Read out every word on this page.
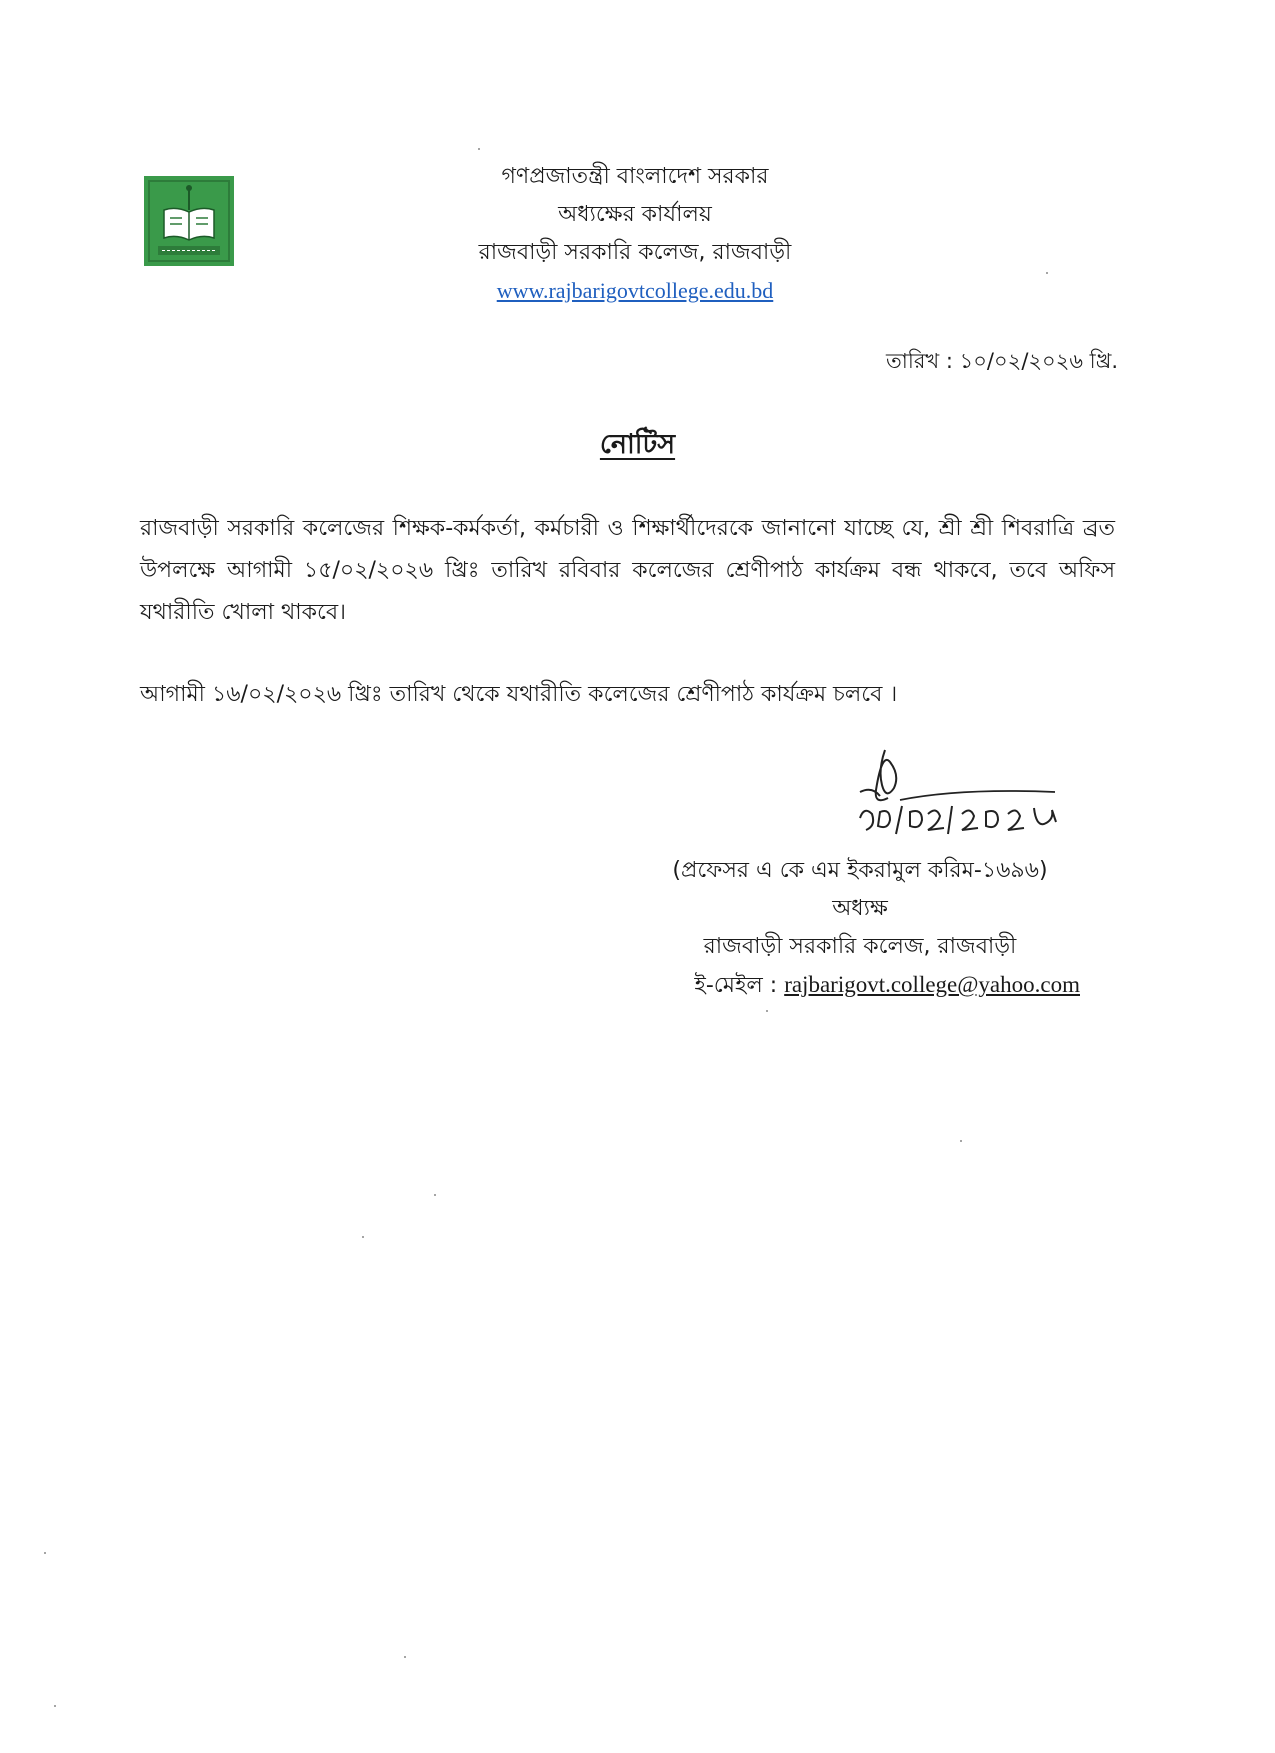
গণপ্রজাতন্ত্রী বাংলাদেশ সরকার
অধ্যক্ষের কার্যালয়
রাজবাড়ী সরকারি কলেজ, রাজবাড়ী
www.rajbarigovtcollege.edu.bd
তারিখ : ১০/০২/২০২৬ খ্রি.
নোটিস
রাজবাড়ী সরকারি কলেজের শিক্ষক-কর্মকর্তা, কর্মচারী ও শিক্ষার্থীদেরকে জানানো যাচ্ছে যে, শ্রী শ্রী শিবরাত্রি ব্রত উপলক্ষে আগামী ১৫/০২/২০২৬ খ্রিঃ তারিখ রবিবার কলেজের শ্রেণীপাঠ কার্যক্রম বন্ধ থাকবে, তবে অফিস যথারীতি খোলা থাকবে।
আগামী ১৬/০২/২০২৬ খ্রিঃ তারিখ থেকে যথারীতি কলেজের শ্রেণীপাঠ কার্যক্রম চলবে ।
(প্রফেসর এ কে এম ইকরামুল করিম-১৬৯৬)
অধ্যক্ষ
রাজবাড়ী সরকারি কলেজ, রাজবাড়ী
ই-মেইল : rajbarigovt.college@yahoo.com
